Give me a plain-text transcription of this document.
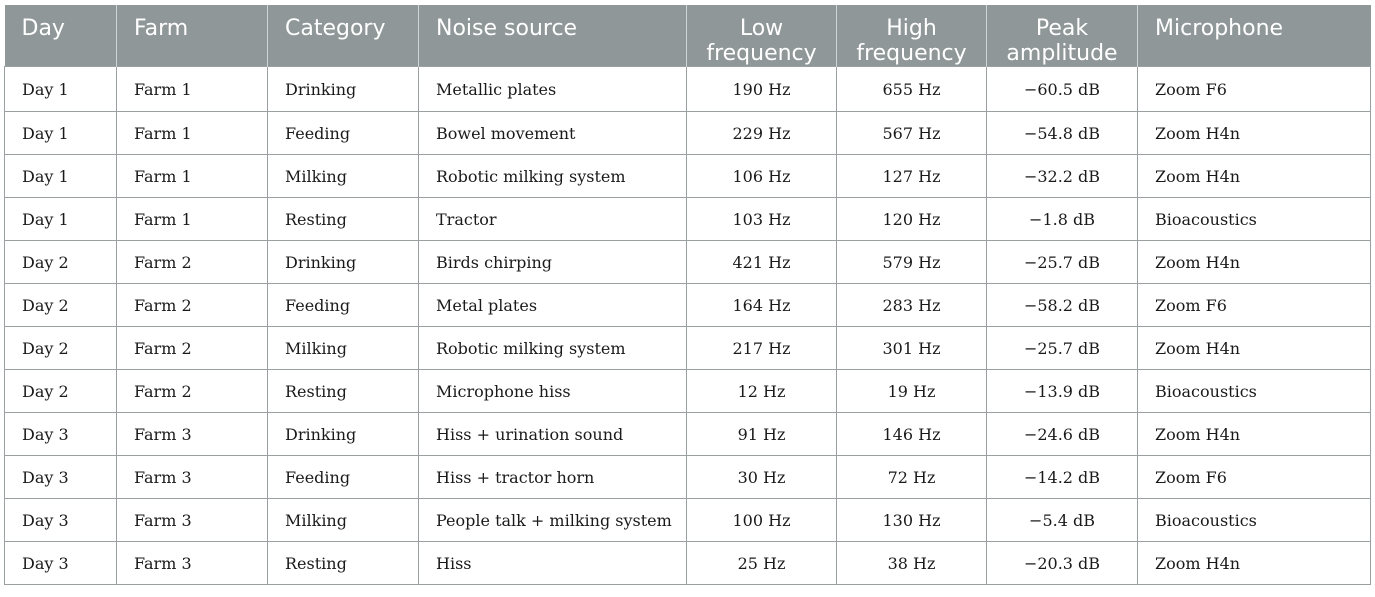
Day	Farm	Category	Noise source	Low frequency	High frequency	Peak amplitude	Microphone
Day 1	Farm 1	Drinking	Metallic plates	190 Hz	655 Hz	−60.5 dB	Zoom F6
Day 1	Farm 1	Feeding	Bowel movement	229 Hz	567 Hz	−54.8 dB	Zoom H4n
Day 1	Farm 1	Milking	Robotic milking system	106 Hz	127 Hz	−32.2 dB	Zoom H4n
Day 1	Farm 1	Resting	Tractor	103 Hz	120 Hz	−1.8 dB	Bioacoustics
Day 2	Farm 2	Drinking	Birds chirping	421 Hz	579 Hz	−25.7 dB	Zoom H4n
Day 2	Farm 2	Feeding	Metal plates	164 Hz	283 Hz	−58.2 dB	Zoom F6
Day 2	Farm 2	Milking	Robotic milking system	217 Hz	301 Hz	−25.7 dB	Zoom H4n
Day 2	Farm 2	Resting	Microphone hiss	12 Hz	19 Hz	−13.9 dB	Bioacoustics
Day 3	Farm 3	Drinking	Hiss + urination sound	91 Hz	146 Hz	−24.6 dB	Zoom H4n
Day 3	Farm 3	Feeding	Hiss + tractor horn	30 Hz	72 Hz	−14.2 dB	Zoom F6
Day 3	Farm 3	Milking	People talk + milking system	100 Hz	130 Hz	−5.4 dB	Bioacoustics
Day 3	Farm 3	Resting	Hiss	25 Hz	38 Hz	−20.3 dB	Zoom H4n
